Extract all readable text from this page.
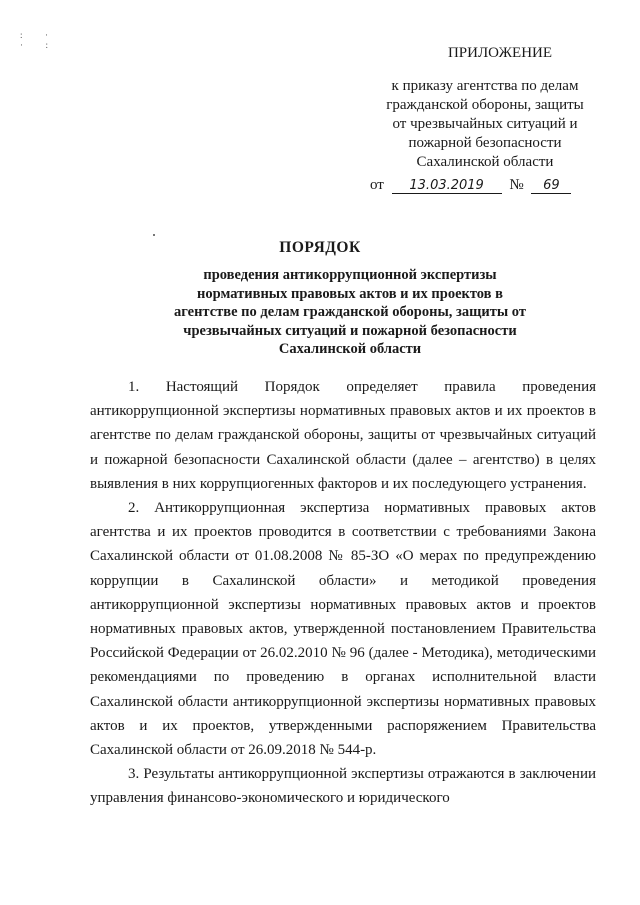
:  ·
·  :	ПРИЛОЖЕНИЕ
к приказу агентства по делам
гражданской обороны, защиты
от чрезвычайных ситуаций и
пожарной безопасности
Сахалинской области
от 13.03.2019 № 69
ПОРЯДОК
проведения антикоррупционной экспертизы
нормативных правовых актов и их проектов в
агентстве по делам гражданской обороны, защиты от
чрезвычайных ситуаций и пожарной безопасности
Сахалинской области

1. Настоящий Порядок определяет правила проведения антикоррупционной экспертизы нормативных правовых актов и их проектов в агентстве по делам гражданской обороны, защиты от чрезвычайных ситуаций и пожарной безопасности Сахалинской области (далее – агентство) в целях выявления в них коррупциогенных факторов и их последующего устранения.

2. Антикоррупционная экспертиза нормативных правовых актов агентства и их проектов проводится в соответствии с требованиями Закона Сахалинской области от 01.08.2008 № 85-ЗО «О мерах по предупреждению коррупции в Сахалинской области» и методикой проведения антикоррупционной экспертизы нормативных правовых актов и проектов нормативных правовых актов, утвержденной постановлением Правительства Российской Федерации от 26.02.2010 № 96 (далее - Методика), методическими рекомендациями по проведению в органах исполнительной власти Сахалинской области антикоррупционной экспертизы нормативных правовых актов и их проектов, утвержденными распоряжением Правительства Сахалинской области от 26.09.2018 № 544-р.

3. Результаты антикоррупционной экспертизы отражаются в заключении управления финансово-экономического и юридического
